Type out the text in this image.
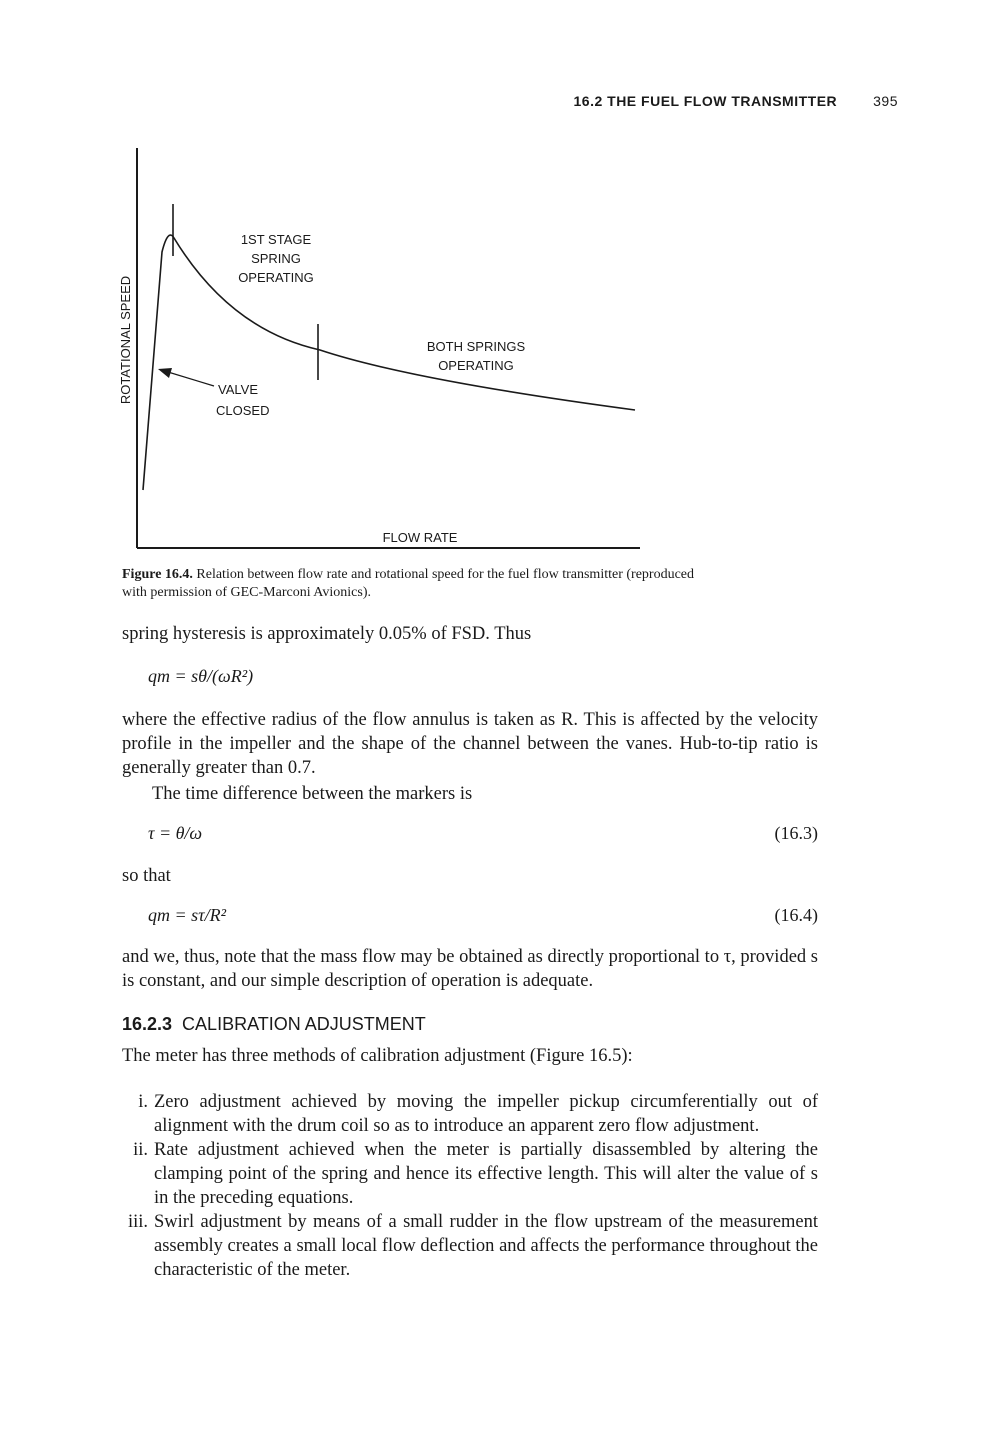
16.2 THE FUEL FLOW TRANSMITTER	395
ROTATIONAL SPEED
FLOW RATE
1ST STAGE
SPRING
OPERATING
BOTH SPRINGS
OPERATING
VALVE
CLOSED
Figure 16.4. Relation between flow rate and rotational speed for the fuel flow transmitter (reproduced with permission of GEC-Marconi Avionics).
spring hysteresis is approximately 0.05% of FSD. Thus
qm = sθ/(ωR²)
where the effective radius of the flow annulus is taken as R. This is affected by the velocity profile in the impeller and the shape of the channel between the vanes. Hub-to-tip ratio is generally greater than 0.7.
The time difference between the markers is
τ = θ/ω	(16.3)
so that
qm = sτ/R²	(16.4)
and we, thus, note that the mass flow may be obtained as directly proportional to τ, provided s is constant, and our simple description of operation is adequate.
16.2.3 CALIBRATION ADJUSTMENT
The meter has three methods of calibration adjustment (Figure 16.5):
i. Zero adjustment achieved by moving the impeller pickup circumferentially out of alignment with the drum coil so as to introduce an apparent zero flow adjustment.
ii. Rate adjustment achieved when the meter is partially disassembled by altering the clamping point of the spring and hence its effective length. This will alter the value of s in the preceding equations.
iii. Swirl adjustment by means of a small rudder in the flow upstream of the measurement assembly creates a small local flow deflection and affects the performance throughout the characteristic of the meter.
